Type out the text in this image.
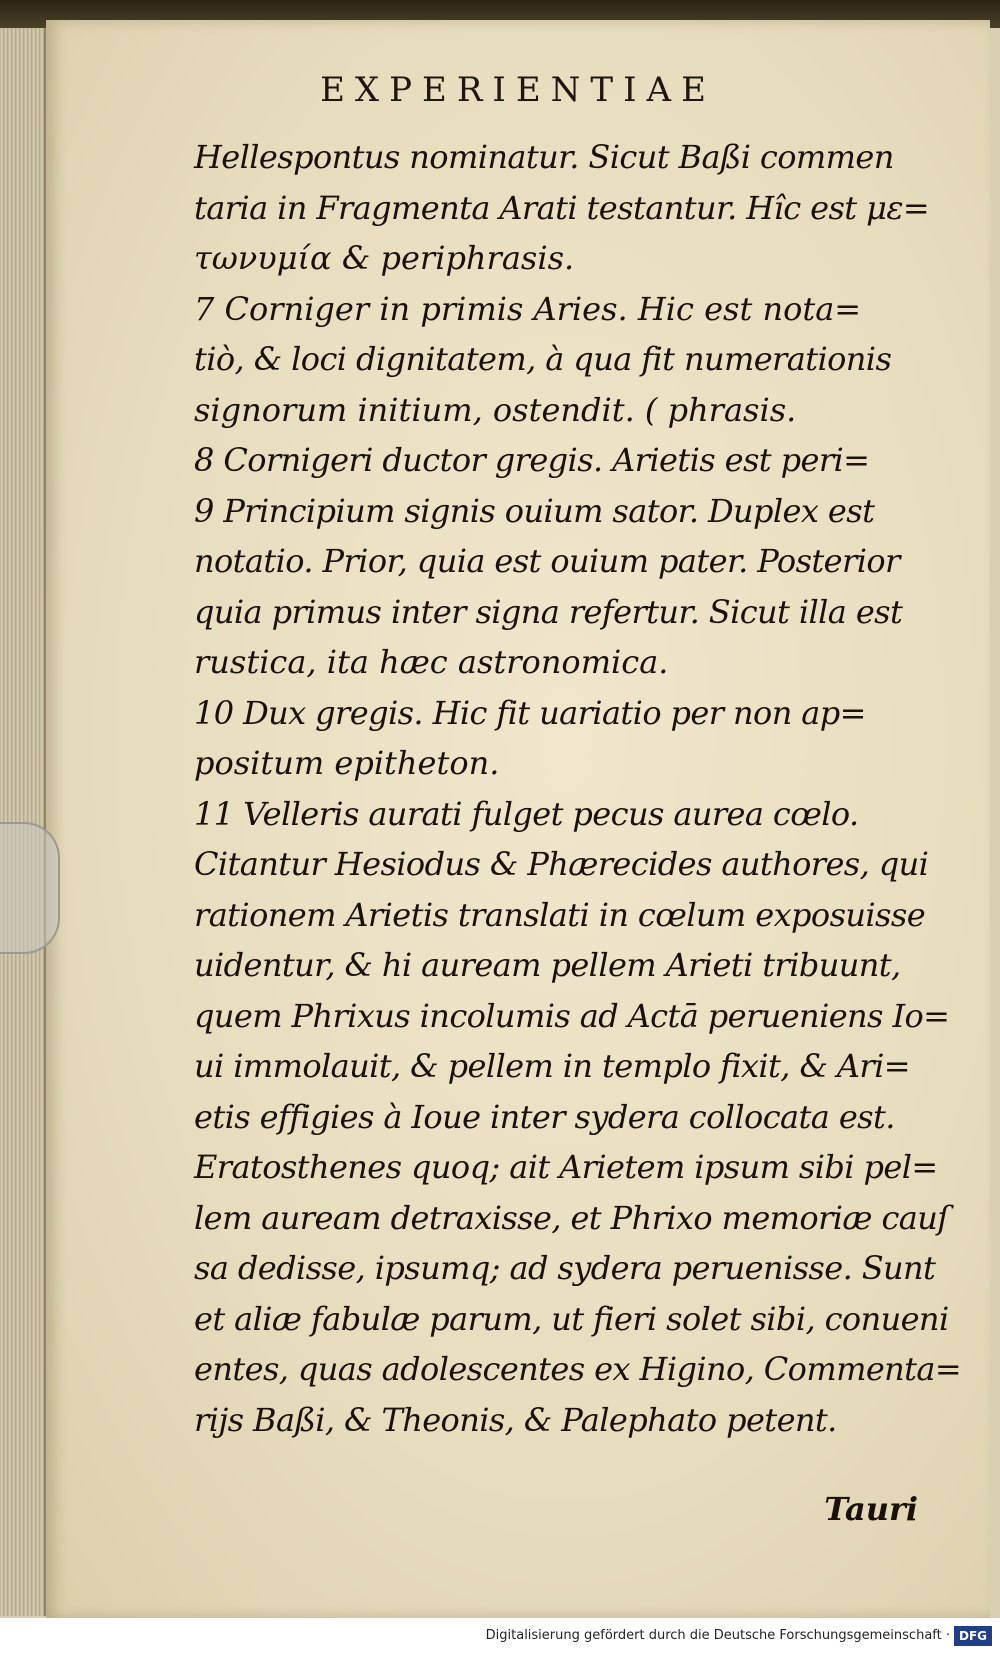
EXPERIENTIAE
Hellespontus nominatur. Sicut Baßi commen
taria in Fragmenta Arati testantur. Hîc est με=
τωνυμία & periphrasis.
7 Corniger in primis Aries. Hic est nota=
tiò, & loci dignitatem, à qua fit numerationis
signorum initium, ostendit. ( phrasis.
8 Cornigeri ductor gregis. Arietis est peri=
9 Principium signis ouium sator. Duplex est
notatio. Prior, quia est ouium pater. Posterior
quia primus inter signa refertur. Sicut illa est
rustica, ita hæc astronomica.
10 Dux gregis. Hic fit uariatio per non ap=
positum epitheton.
11 Velleris aurati fulget pecus aurea cœlo.
Citantur Hesiodus & Phærecides authores, qui
rationem Arietis translati in cœlum exposuisse
uidentur, & hi auream pellem Arieti tribuunt,
quem Phrixus incolumis ad Actā perueniens Io=
ui immolauit, & pellem in templo fixit, & Ari=
etis effigies à Ioue inter sydera collocata est.
Eratosthenes quoq; ait Arietem ipsum sibi pel=
lem auream detraxisse, et Phrixo memoriæ cauſ
sa dedisse, ipsumq; ad sydera peruenisse. Sunt
et aliæ fabulæ parum, ut fieri solet sibi, conueni
entes, quas adolescentes ex Higino, Commenta=
rijs Baßi, & Theonis, & Palephato petent.
Tauri
Digitalisierung gefördert durch die Deutsche Forschungsgemeinschaft · DFG
